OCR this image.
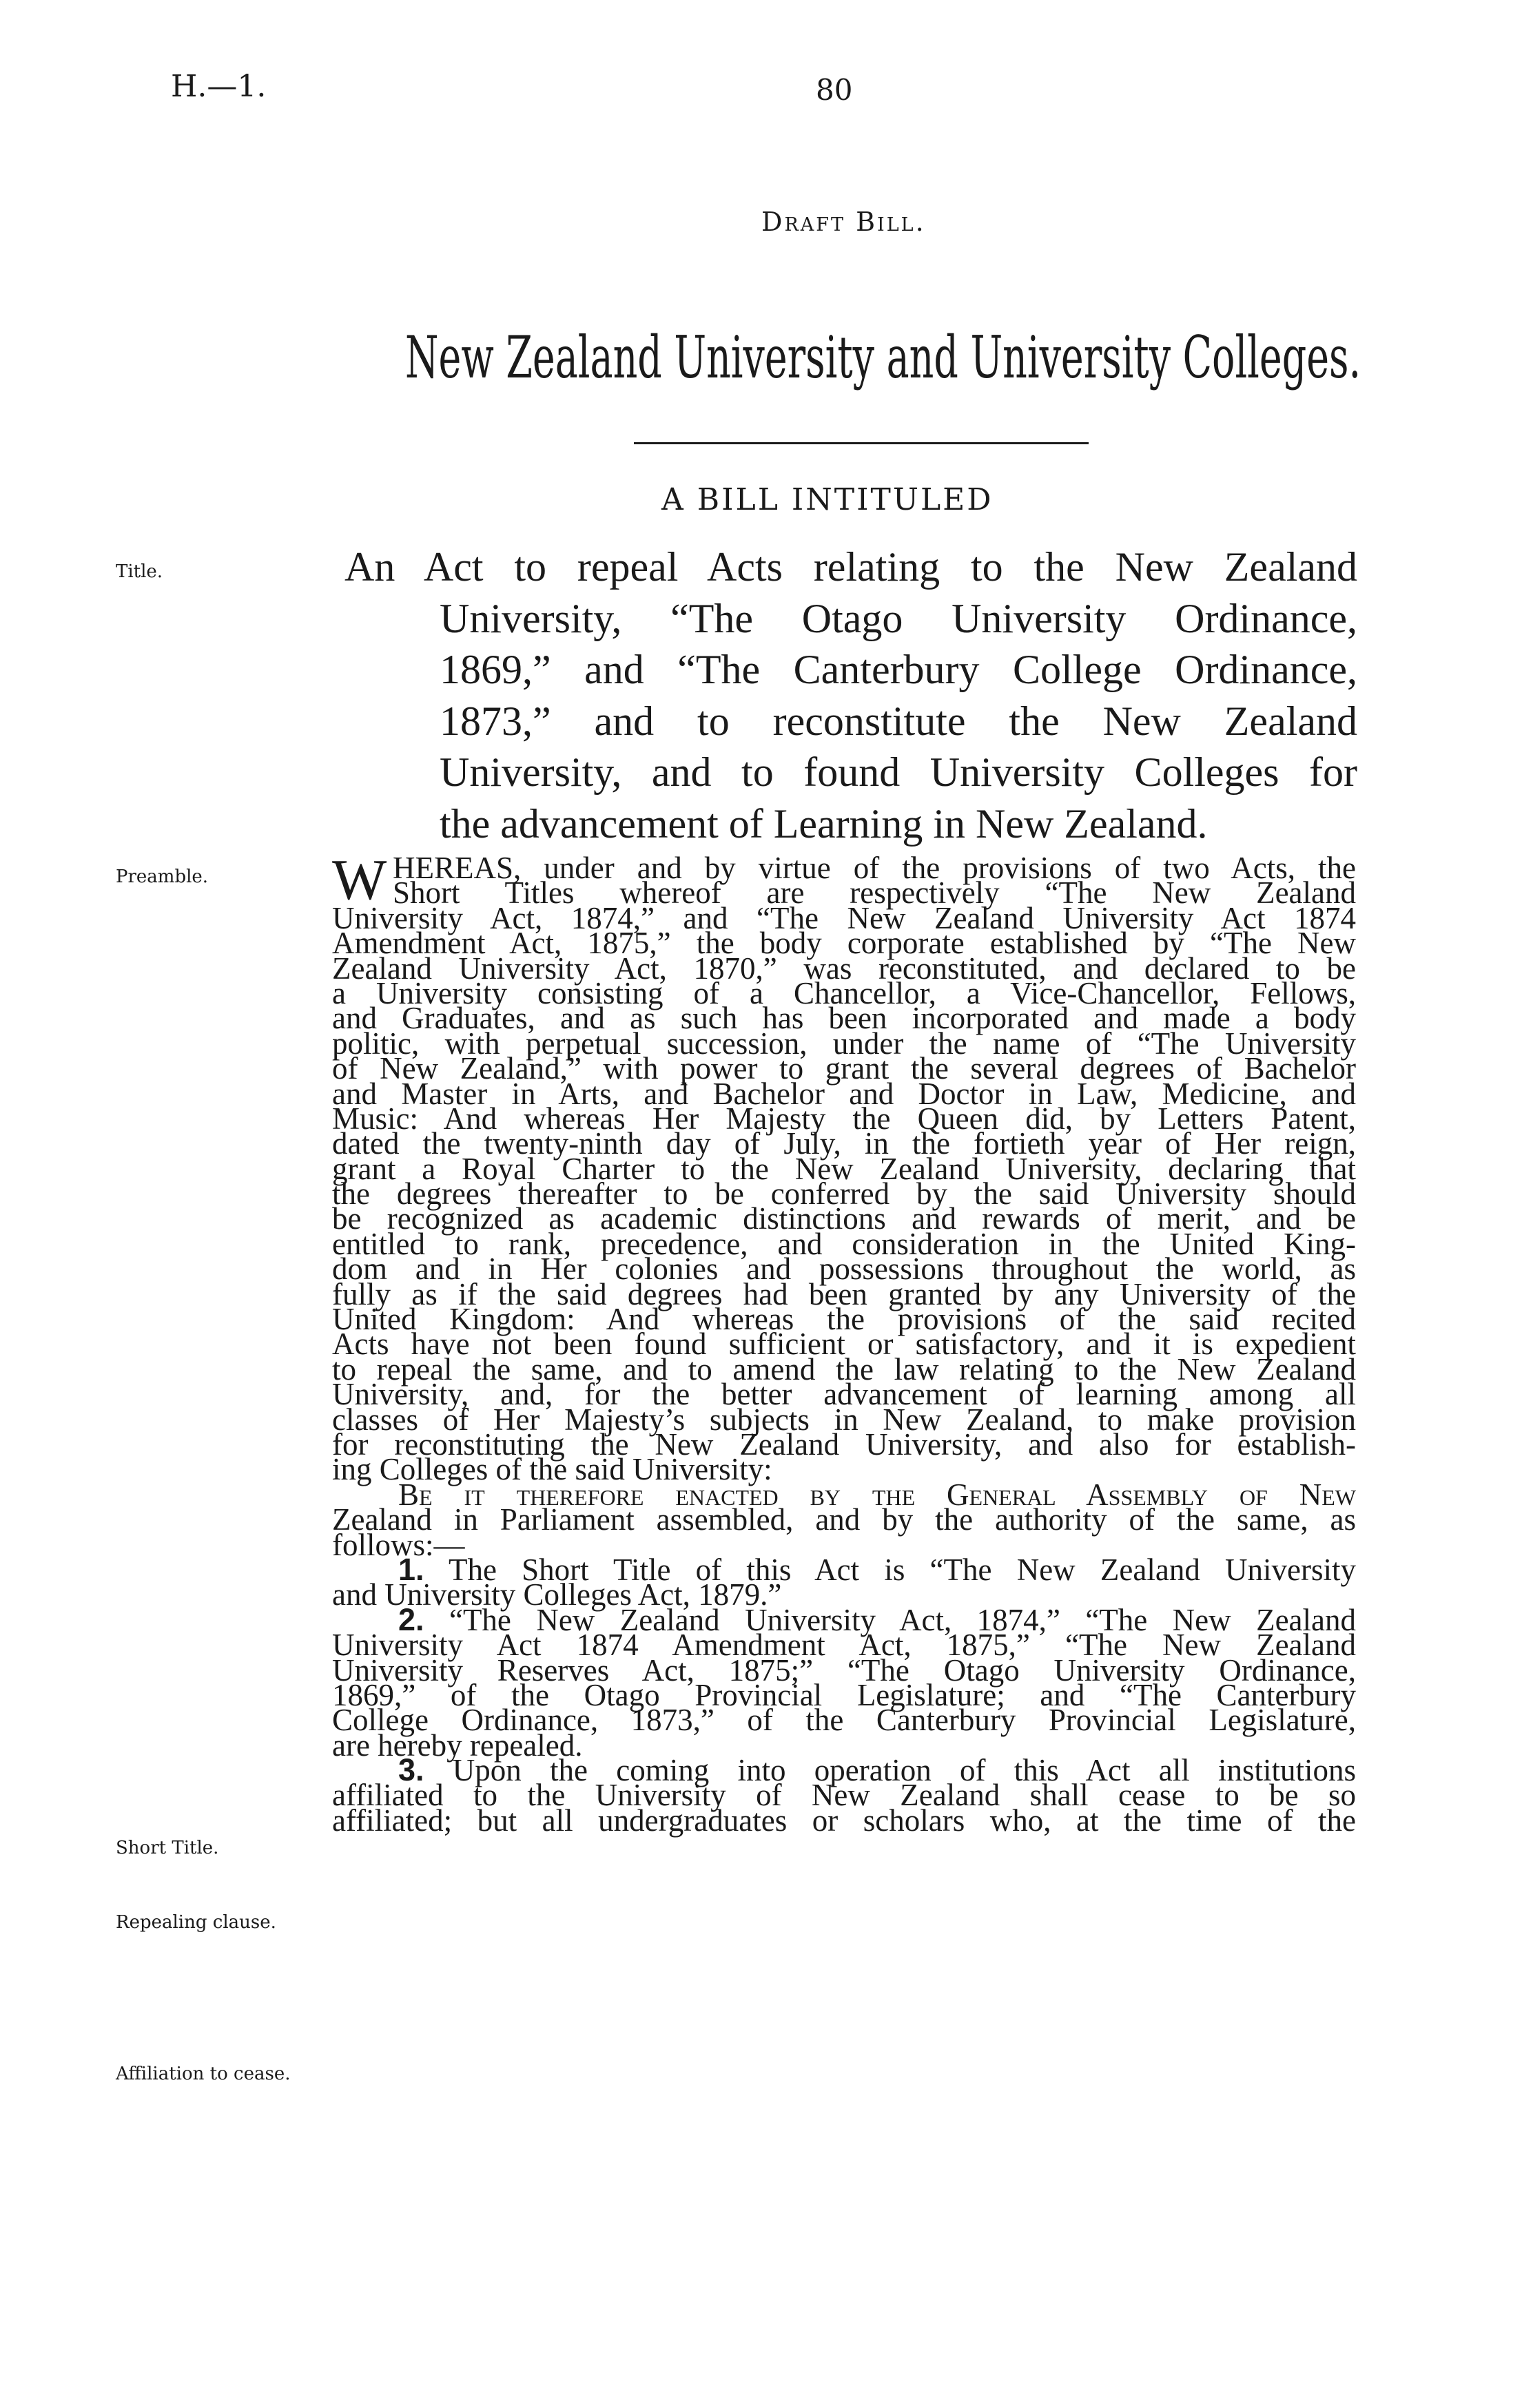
H.—1.	80
Draft Bill.
New Zealand University and University Colleges.
A BILL INTITULED
Title.
Preamble.
Short Title.
Repealing clause.
Affiliation to cease.

An Act to repeal Acts relating to the New Zealand

University, “The Otago University Ordinance,

1869,” and “The Canterbury College Ordinance,

1873,” and to reconstitute the New Zealand

University, and to found University Colleges for

the advancement of Learning in New Zealand.

W HEREAS, under and by virtue of the provisions of two Acts, the
Short Titles whereof are respectively “The New Zealand
University Act, 1874,” and “The New Zealand University Act 1874
Amendment Act, 1875,” the body corporate established by “The New
Zealand University Act, 1870,” was reconstituted, and declared to be
a University consisting of a Chancellor, a Vice-Chancellor, Fellows,
and Graduates, and as such has been incorporated and made a body
politic, with perpetual succession, under the name of “The University
of New Zealand,” with power to grant the several degrees of Bachelor
and Master in Arts, and Bachelor and Doctor in Law, Medicine, and
Music: And whereas Her Majesty the Queen did, by Letters Patent,
dated the twenty-ninth day of July, in the fortieth year of Her reign,
grant a Royal Charter to the New Zealand University, declaring that
the degrees thereafter to be conferred by the said University should
be recognized as academic distinctions and rewards of merit, and be
entitled to rank, precedence, and consideration in the United King-
dom and in Her colonies and possessions throughout the world, as
fully as if the said degrees had been granted by any University of the
United Kingdom: And whereas the provisions of the said recited
Acts have not been found sufficient or satisfactory, and it is expedient
to repeal the same, and to amend the law relating to the New Zealand
University, and, for the better advancement of learning among all
classes of Her Majesty’s subjects in New Zealand, to make provision
for reconstituting the New Zealand University, and also for establish-
ing Colleges of the said University:
Be it therefore enacted by the General Assembly of New
Zealand in Parliament assembled, and by the authority of the same, as
follows:—
1. The Short Title of this Act is “The New Zealand University
and University Colleges Act, 1879.”
2. “The New Zealand University Act, 1874,” “The New Zealand
University Act 1874 Amendment Act, 1875,” “The New Zealand
University Reserves Act, 1875;” “The Otago University Ordinance,
1869,” of the Otago Provincial Legislature; and “The Canterbury
College Ordinance, 1873,” of the Canterbury Provincial Legislature,
are hereby repealed.
3. Upon the coming into operation of this Act all institutions
affiliated to the University of New Zealand shall cease to be so
affiliated; but all undergraduates or scholars who, at the time of the
